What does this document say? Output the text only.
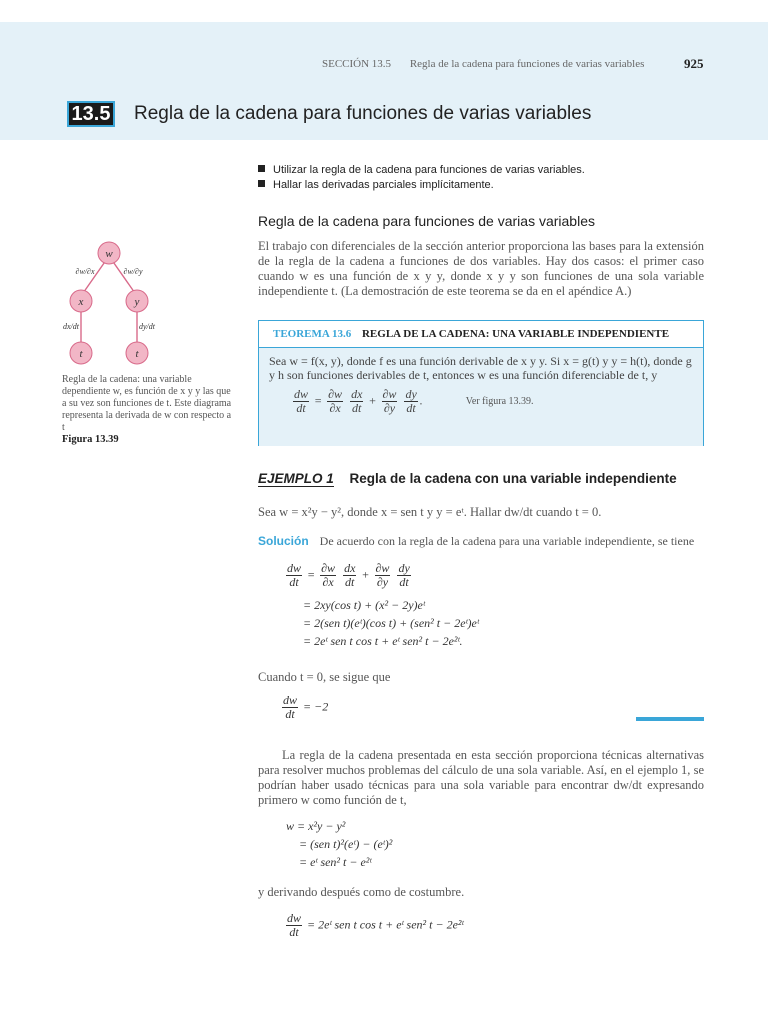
SECCIÓN 13.5 Regla de la cadena para funciones de varias variables	925
13.5 Regla de la cadena para funciones de varias variables
Utilizar la regla de la cadena para funciones de varias variables.
Hallar las derivadas parciales implícitamente.
Regla de la cadena para funciones de varias variables
El trabajo con diferenciales de la sección anterior proporciona las bases para la extensión de la regla de la cadena a funciones de dos variables. Hay dos casos: el primer caso cuando w es una función de x y y, donde x y y son funciones de una sola variable independiente t. (La demostración de este teorema se da en el apéndice A.)
w
x	y
t	t
∂w/∂x	∂w/∂y
dx/dt	dy/dt
Regla de la cadena: una variable dependiente w, es función de x y y las que a su vez son funciones de t. Este diagrama representa la derivada de w con respecto a t
Figura 13.39
TEOREMA 13.6 REGLA DE LA CADENA: UNA VARIABLE INDEPENDIENTE
Sea w = f(x, y), donde f es una función derivable de x y y. Si x = g(t) y y = h(t), donde g y h son funciones derivables de t, entonces w es una función diferenciable de t, y
$\frac{dw}{dt} = \frac{\partial w}{\partial x}$
$\frac{dx}{dt} + \frac{\partial w}{\partial y}$
$\frac{dy}{dt}$ .	Ver figura 13.39.
EJEMPLO 1 Regla de la cadena con una variable independiente
Sea w = x²y − y², donde x = sen t y y = eᵗ. Hallar dw/dt cuando t = 0.
Solución De acuerdo con la regla de la cadena para una variable independiente, se tiene
$\frac{dw}{dt} = \frac{\partial w}{\partial x}$
$\frac{dx}{dt} + \frac{\partial w}{\partial y}$
$\frac{dy}{dt}$
= 2xy(cos t) + (x² − 2y)eᵗ
= 2(sen t)(eᵗ)(cos t) + (sen² t − 2eᵗ)eᵗ
= 2eᵗ sen t cos t + eᵗ sen² t − 2e²ᵗ.
Cuando t = 0, se sigue que
$\frac{dw}{dt} = -2$
La regla de la cadena presentada en esta sección proporciona técnicas alternativas para resolver muchos problemas del cálculo de una sola variable. Así, en el ejemplo 1, se podrían haber usado técnicas para una sola variable para encontrar dw/dt expresando primero w como función de t,
w = x²y − y²
= (sen t)²(eᵗ) − (eᵗ)²
= eᵗ sen² t − e²ᵗ
y derivando después como de costumbre.
$\frac{dw}{dt}$ = 2eᵗ sen t cos t + eᵗ sen² t − 2e²ᵗ
